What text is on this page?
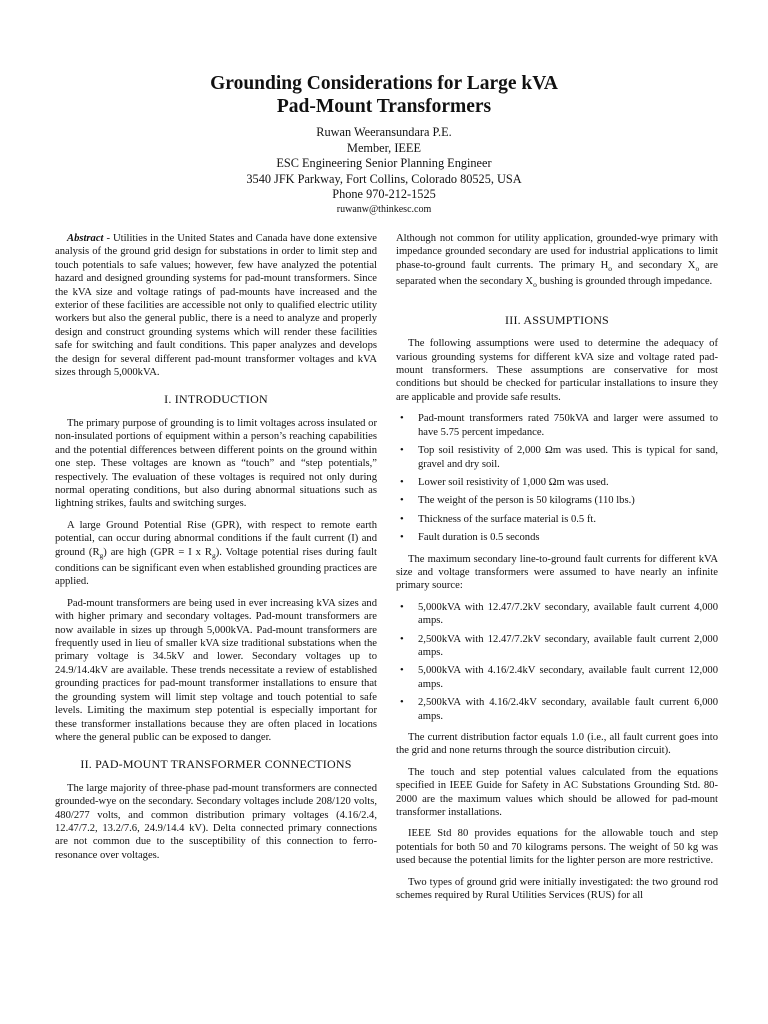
Grounding Considerations for Large kVA
Pad-Mount Transformers
Ruwan Weeransundara P.E.
Member, IEEE
ESC Engineering Senior Planning Engineer
3540 JFK Parkway, Fort Collins, Colorado 80525, USA
Phone 970-212-1525
ruwanw@thinkesc.com

Abstract - Utilities in the United States and Canada have done extensive analysis of the ground grid design for substations in order to limit step and touch potentials to safe values; however, few have analyzed the potential hazard and designed grounding systems for pad-mount transformers. Since the kVA size and voltage ratings of pad-mounts have increased and the exterior of these facilities are accessible not only to qualified electric utility workers but also the general public, there is a need to analyze and properly design and construct grounding systems which will render these facilities safe for switching and fault conditions. This paper analyzes and develops the design for several different pad-mount transformer voltages and kVA sizes through 5,000kVA.

I. INTRODUCTION

The primary purpose of grounding is to limit voltages across insulated or non-insulated portions of equipment within a person’s reaching capabilities and the potential differences between different points on the ground within one step. These voltages are known as “touch” and “step potentials,” respectively. The evaluation of these voltages is required not only during normal operating conditions, but also during abnormal situations such as lightning strikes, faults and switching surges.

A large Ground Potential Rise (GPR), with respect to remote earth potential, can occur during abnormal conditions if the fault current (I) and ground $(R_g)$ are high (GPR = I x $R_g$). Voltage potential rises during fault conditions can be significant even when established grounding practices are applied.

Pad-mount transformers are being used in ever increasing kVA sizes and with higher primary and secondary voltages. Pad-mount transformers are now available in sizes up through 5,000kVA. Pad-mount transformers are frequently used in lieu of smaller kVA size traditional substations when the primary voltage is 34.5kV and lower. Secondary voltages up to 24.9/14.4kV are available. These trends necessitate a review of established grounding practices for pad-mount transformer installations to ensure that the grounding system will limit step voltage and touch potential to safe levels. Limiting the maximum step potential is especially important for these transformer installations because they are often placed in locations where the general public can be exposed to danger.

II. PAD-MOUNT TRANSFORMER CONNECTIONS

The large majority of three-phase pad-mount transformers are connected grounded-wye on the secondary. Secondary voltages include 208/120 volts, 480/277 volts, and common distribution primary voltages (4.16/2.4, 12.47/7.2, 13.2/7.6, 24.9/14.4 kV). Delta connected primary connections are not common due to the susceptibility of this connection to ferro-resonance over voltages.

Although not common for utility application, grounded-wye primary with impedance grounded secondary are used for industrial applications to limit phase-to-ground fault currents. The primary $H_o$ and secondary $X_o$ are separated when the secondary $X_o$ bushing is grounded through impedance.

III. ASSUMPTIONS

The following assumptions were used to determine the adequacy of various grounding systems for different kVA size and voltage rated pad-mount transformers. These assumptions are conservative for most conditions but should be checked for particular installations to insure they are applicable and provide safe results.

• Pad-mount transformers rated 750kVA and larger were assumed to have 5.75 percent impedance.
• Top soil resistivity of 2,000 Ωm was used. This is typical for sand, gravel and dry soil.
• Lower soil resistivity of 1,000 Ωm was used.
• The weight of the person is 50 kilograms (110 lbs.)
• Thickness of the surface material is 0.5 ft.
• Fault duration is 0.5 seconds

The maximum secondary line-to-ground fault currents for different kVA size and voltage transformers were assumed to have nearly an infinite primary source:

• 5,000kVA with 12.47/7.2kV secondary, available fault current 4,000 amps.
• 2,500kVA with 12.47/7.2kV secondary, available fault current 2,000 amps.
• 5,000kVA with 4.16/2.4kV secondary, available fault current 12,000 amps.
• 2,500kVA with 4.16/2.4kV secondary, available fault current 6,000 amps.

The current distribution factor equals 1.0 (i.e., all fault current goes into the grid and none returns through the source distribution circuit).

The touch and step potential values calculated from the equations specified in IEEE Guide for Safety in AC Substations Grounding Std. 80-2000 are the maximum values which should be allowed for pad-mount transformer installations.

IEEE Std 80 provides equations for the allowable touch and step potentials for both 50 and 70 kilograms persons. The weight of 50 kg was used because the potential limits for the lighter person are more restrictive.

Two types of ground grid were initially investigated: the two ground rod schemes required by Rural Utilities Services (RUS) for all
